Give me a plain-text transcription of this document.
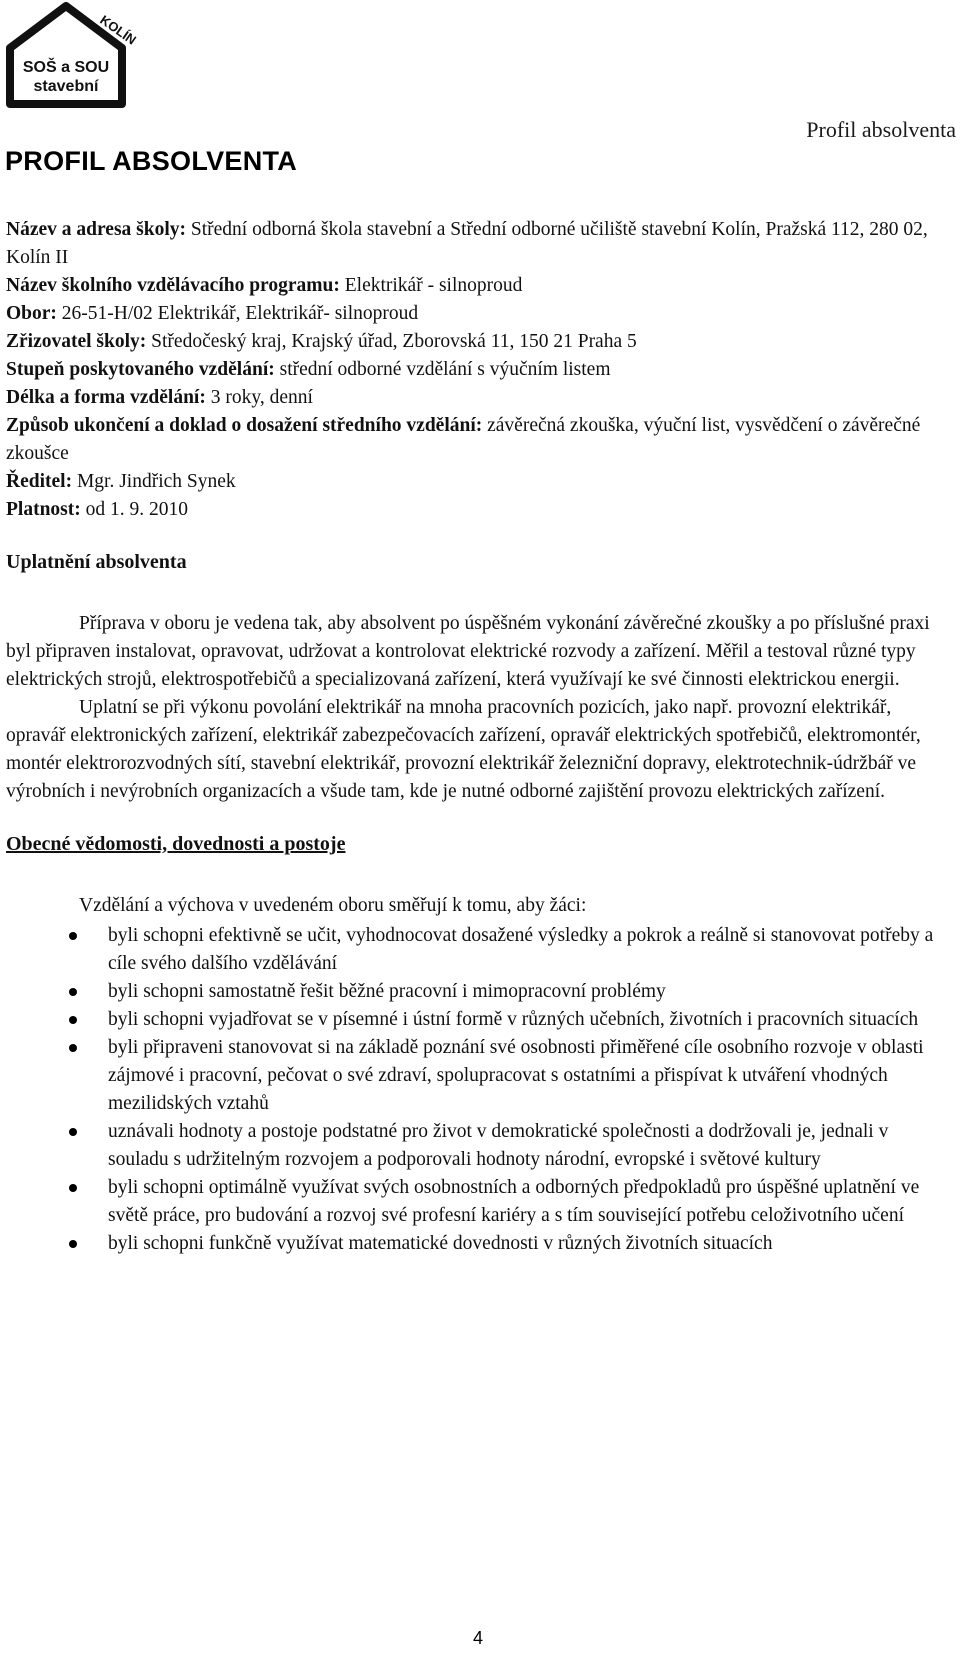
KOLÍN
SOŠ a SOU
stavební
Profil absolventa
PROFIL ABSOLVENTA

Název a adresa školy: Střední odborná škola stavební a Střední odborné učiliště stavební Kolín, Pražská 112, 280 02, Kolín II

Název školního vzdělávacího programu: Elektrikář - silnoproud

Obor: 26-51-H/02 Elektrikář, Elektrikář- silnoproud

Zřizovatel školy: Středočeský kraj, Krajský úřad, Zborovská 11, 150 21 Praha 5

Stupeň poskytovaného vzdělání: střední odborné vzdělání s výučním listem

Délka a forma vzdělání: 3 roky, denní

Způsob ukončení a doklad o dosažení středního vzdělání: závěrečná zkouška, výuční list, vysvědčení o závěrečné zkoušce

Ředitel: Mgr. Jindřich Synek

Platnost: od 1. 9. 2010

Uplatnění absolventa

Příprava v oboru je vedena tak, aby absolvent po úspěšném vykonání závěrečné zkoušky a po příslušné praxi byl připraven instalovat, opravovat, udržovat a kontrolovat elektrické rozvody a zařízení. Měřil a testoval různé typy elektrických strojů, elektrospotřebičů a specializovaná zařízení, která využívají ke své činnosti elektrickou energii.

Uplatní se při výkonu povolání elektrikář na mnoha pracovních pozicích, jako např. provozní elektrikář, opravář elektronických zařízení, elektrikář zabezpečovacích zařízení, opravář elektrických spotřebičů, elektromontér, montér elektrorozvodných sítí, stavební elektrikář, provozní elektrikář železniční dopravy, elektrotechnik-údržbář ve výrobních i nevýrobních organizacích a všude tam, kde je nutné odborné zajištění provozu elektrických zařízení.

Obecné vědomosti, dovednosti a postoje

Vzdělání a výchova v uvedeném oboru směřují k tomu, aby žáci:

byli schopni efektivně se učit, vyhodnocovat dosažené výsledky a pokrok a reálně si stanovovat potřeby a cíle svého dalšího vzdělávání
byli schopni samostatně řešit běžné pracovní i mimopracovní problémy
byli schopni vyjadřovat se v písemné i ústní formě v různých učebních, životních i pracovních situacích
byli připraveni stanovovat si na základě poznání své osobnosti přiměřené cíle osobního rozvoje v oblasti zájmové i pracovní, pečovat o své zdraví, spolupracovat s ostatními a přispívat k utváření vhodných mezilidských vztahů
uznávali hodnoty a postoje podstatné pro život v demokratické společnosti a dodržovali je, jednali v souladu s udržitelným rozvojem a podporovali hodnoty národní, evropské i světové kultury
byli schopni optimálně využívat svých osobnostních a odborných předpokladů pro úspěšné uplatnění ve světě práce, pro budování a rozvoj své profesní kariéry a s tím související potřebu celoživotního učení
byli schopni funkčně využívat matematické dovednosti v různých životních situacích
4
